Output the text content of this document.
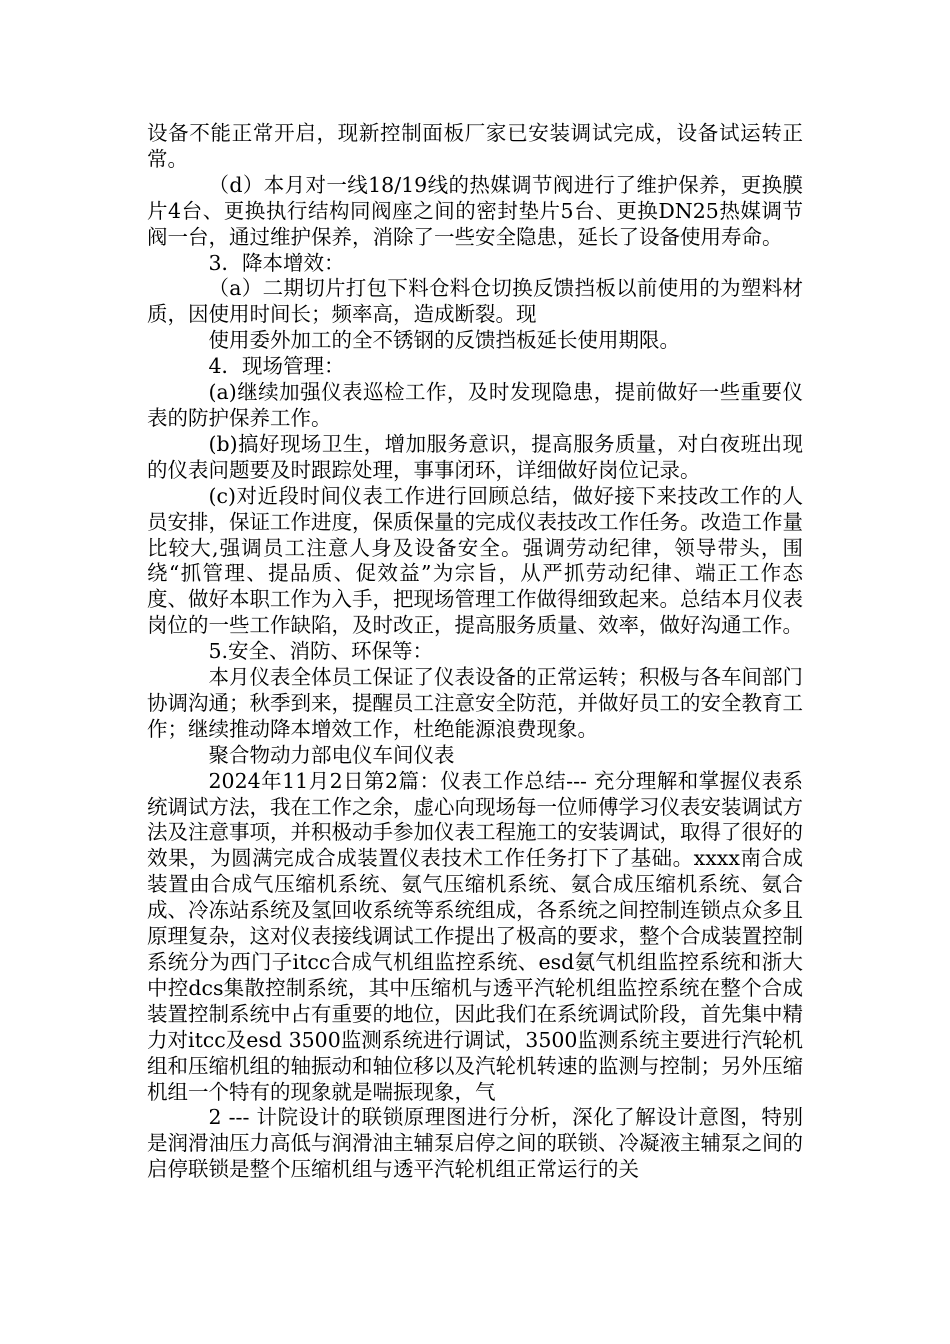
设备不能正常开启，现新控制面板厂家已安装调试完成，设备试运转正常。

（d）本月对一线18/19线的热媒调节阀进行了维护保养，更换膜片4台、更换执行结构同阀座之间的密封垫片5台、更换DN25热媒调节阀一台，通过维护保养，消除了一些安全隐患，延长了设备使用寿命。

3．降本增效：

（a）二期切片打包下料仓料仓切换反馈挡板以前使用的为塑料材质，因使用时间长；频率高，造成断裂。现

使用委外加工的全不锈钢的反馈挡板延长使用期限。

4．现场管理：

(a)继续加强仪表巡检工作，及时发现隐患，提前做好一些重要仪表的防护保养工作。

(b)搞好现场卫生，增加服务意识，提高服务质量，对白夜班出现的仪表问题要及时跟踪处理，事事闭环，详细做好岗位记录。

(c)对近段时间仪表工作进行回顾总结，做好接下来技改工作的人员安排，保证工作进度，保质保量的完成仪表技改工作任务。改造工作量比较大,强调员工注意人身及设备安全。强调劳动纪律，领导带头，围绕“抓管理、提品质、促效益”为宗旨，从严抓劳动纪律、端正工作态度、做好本职工作为入手，把现场管理工作做得细致起来。总结本月仪表岗位的一些工作缺陷，及时改正，提高服务质量、效率，做好沟通工作。

5.安全、消防、环保等：

本月仪表全体员工保证了仪表设备的正常运转；积极与各车间部门协调沟通；秋季到来，提醒员工注意安全防范，并做好员工的安全教育工作；继续推动降本增效工作，杜绝能源浪费现象。

聚合物动力部电仪车间仪表

2024年11月2日第2篇：仪表工作总结--- 充分理解和掌握仪表系统调试方法，我在工作之余，虚心向现场每一位师傅学习仪表安装调试方法及注意事项，并积极动手参加仪表工程施工的安装调试，取得了很好的效果，为圆满完成合成装置仪表技术工作任务打下了基础。xxxx南合成装置由合成气压缩机系统、氨气压缩机系统、氨合成压缩机系统、氨合成、冷冻站系统及氢回收系统等系统组成，各系统之间控制连锁点众多且原理复杂，这对仪表接线调试工作提出了极高的要求，整个合成装置控制系统分为西门子itcc合成气机组监控系统、esd氨气机组监控系统和浙大中控dcs集散控制系统，其中压缩机与透平汽轮机组监控系统在整个合成装置控制系统中占有重要的地位，因此我们在系统调试阶段，首先集中精力对itcc及esd 3500监测系统进行调试，3500监测系统主要进行汽轮机组和压缩机组的轴振动和轴位移以及汽轮机转速的监测与控制；另外压缩机组一个特有的现象就是喘振现象，气

2 --- 计院设计的联锁原理图进行分析，深化了解设计意图，特别是润滑油压力高低与润滑油主辅泵启停之间的联锁、冷凝液主辅泵之间的启停联锁是整个压缩机组与透平汽轮机组正常运行的关
